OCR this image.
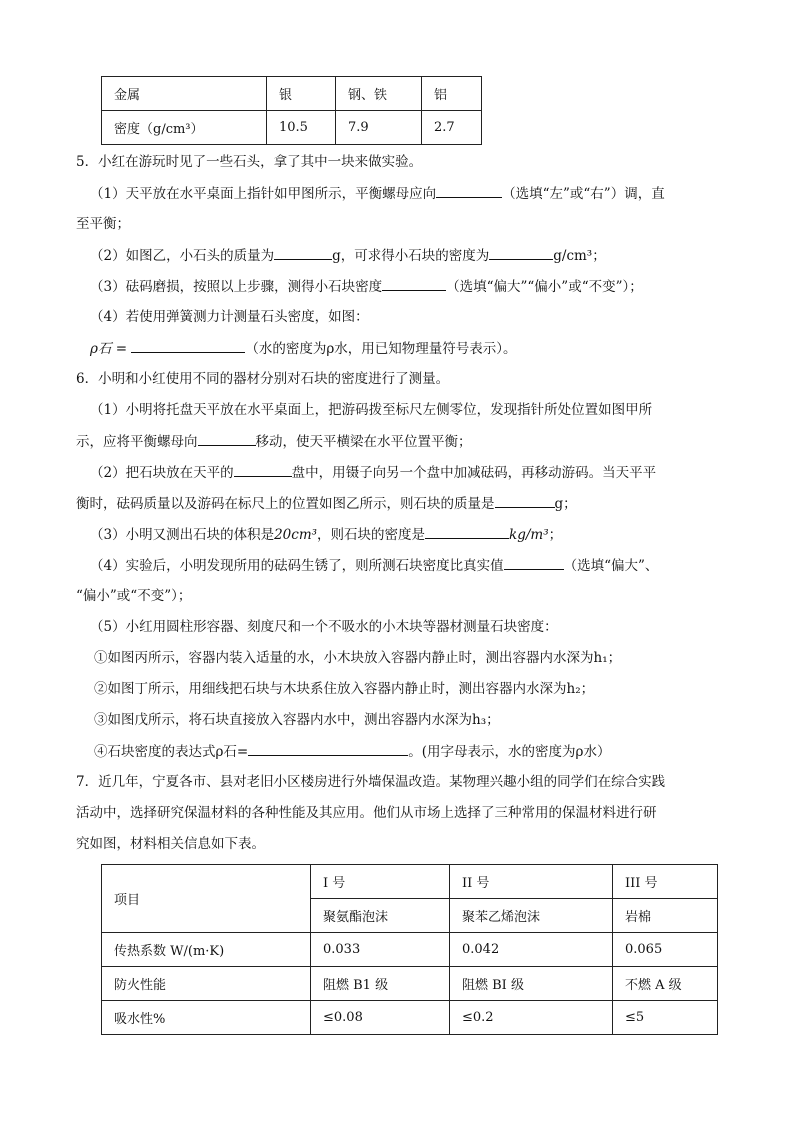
金属	银	钢、铁	铝
密度（g/cm³）	10.5	7.9	2.7
5．小红在游玩时见了一些石头，拿了其中一块来做实验。
（1）天平放在水平桌面上指针如甲图所示，平衡螺母应向	（选填“左”或“右”）调，直
至平衡；
（2）如图乙，小石头的质量为	g，可求得小石块的密度为	g/cm³；
（3）砝码磨损，按照以上步骤，测得小石块密度	（选填“偏大”“偏小”或“不变”）；
（4）若使用弹簧测力计测量石头密度，如图：
ρ石 =	（水的密度为ρ水，用已知物理量符号表示）。
6．小明和小红使用不同的器材分别对石块的密度进行了测量。
（1）小明将托盘天平放在水平桌面上，把游码拨至标尺左侧零位，发现指针所处位置如图甲所
示，应将平衡螺母向	移动，使天平横梁在水平位置平衡；
（2）把石块放在天平的	盘中，用镊子向另一个盘中加减砝码，再移动游码。当天平平
衡时，砝码质量以及游码在标尺上的位置如图乙所示，则石块的质量是	g；
（3）小明又测出石块的体积是20cm³，则石块的密度是	kg/m³；
（4）实验后，小明发现所用的砝码生锈了，则所测石块密度比真实值	（选填“偏大”、
“偏小”或“不变”）；
（5）小红用圆柱形容器、刻度尺和一个不吸水的小木块等器材测量石块密度：
①如图丙所示，容器内装入适量的水，小木块放入容器内静止时，测出容器内水深为h₁；
②如图丁所示，用细线把石块与木块系住放入容器内静止时，测出容器内水深为h₂；
③如图戊所示，将石块直接放入容器内水中，测出容器内水深为h₃；
④石块密度的表达式ρ石=	。(用字母表示，水的密度为ρ水）
7．近几年，宁夏各市、县对老旧小区楼房进行外墙保温改造。某物理兴趣小组的同学们在综合实践
活动中，选择研究保温材料的各种性能及其应用。他们从市场上选择了三种常用的保温材料进行研
究如图，材料相关信息如下表。
项目	I 号	II 号	III 号
	聚氨酯泡沫	聚苯乙烯泡沫	岩棉
传热系数 W/(m·K)	0.033	0.042	0.065
防火性能	阻燃 B1 级	阻燃 BI 级	不燃 A 级
吸水性%	≤0.08	≤0.2	≤5
